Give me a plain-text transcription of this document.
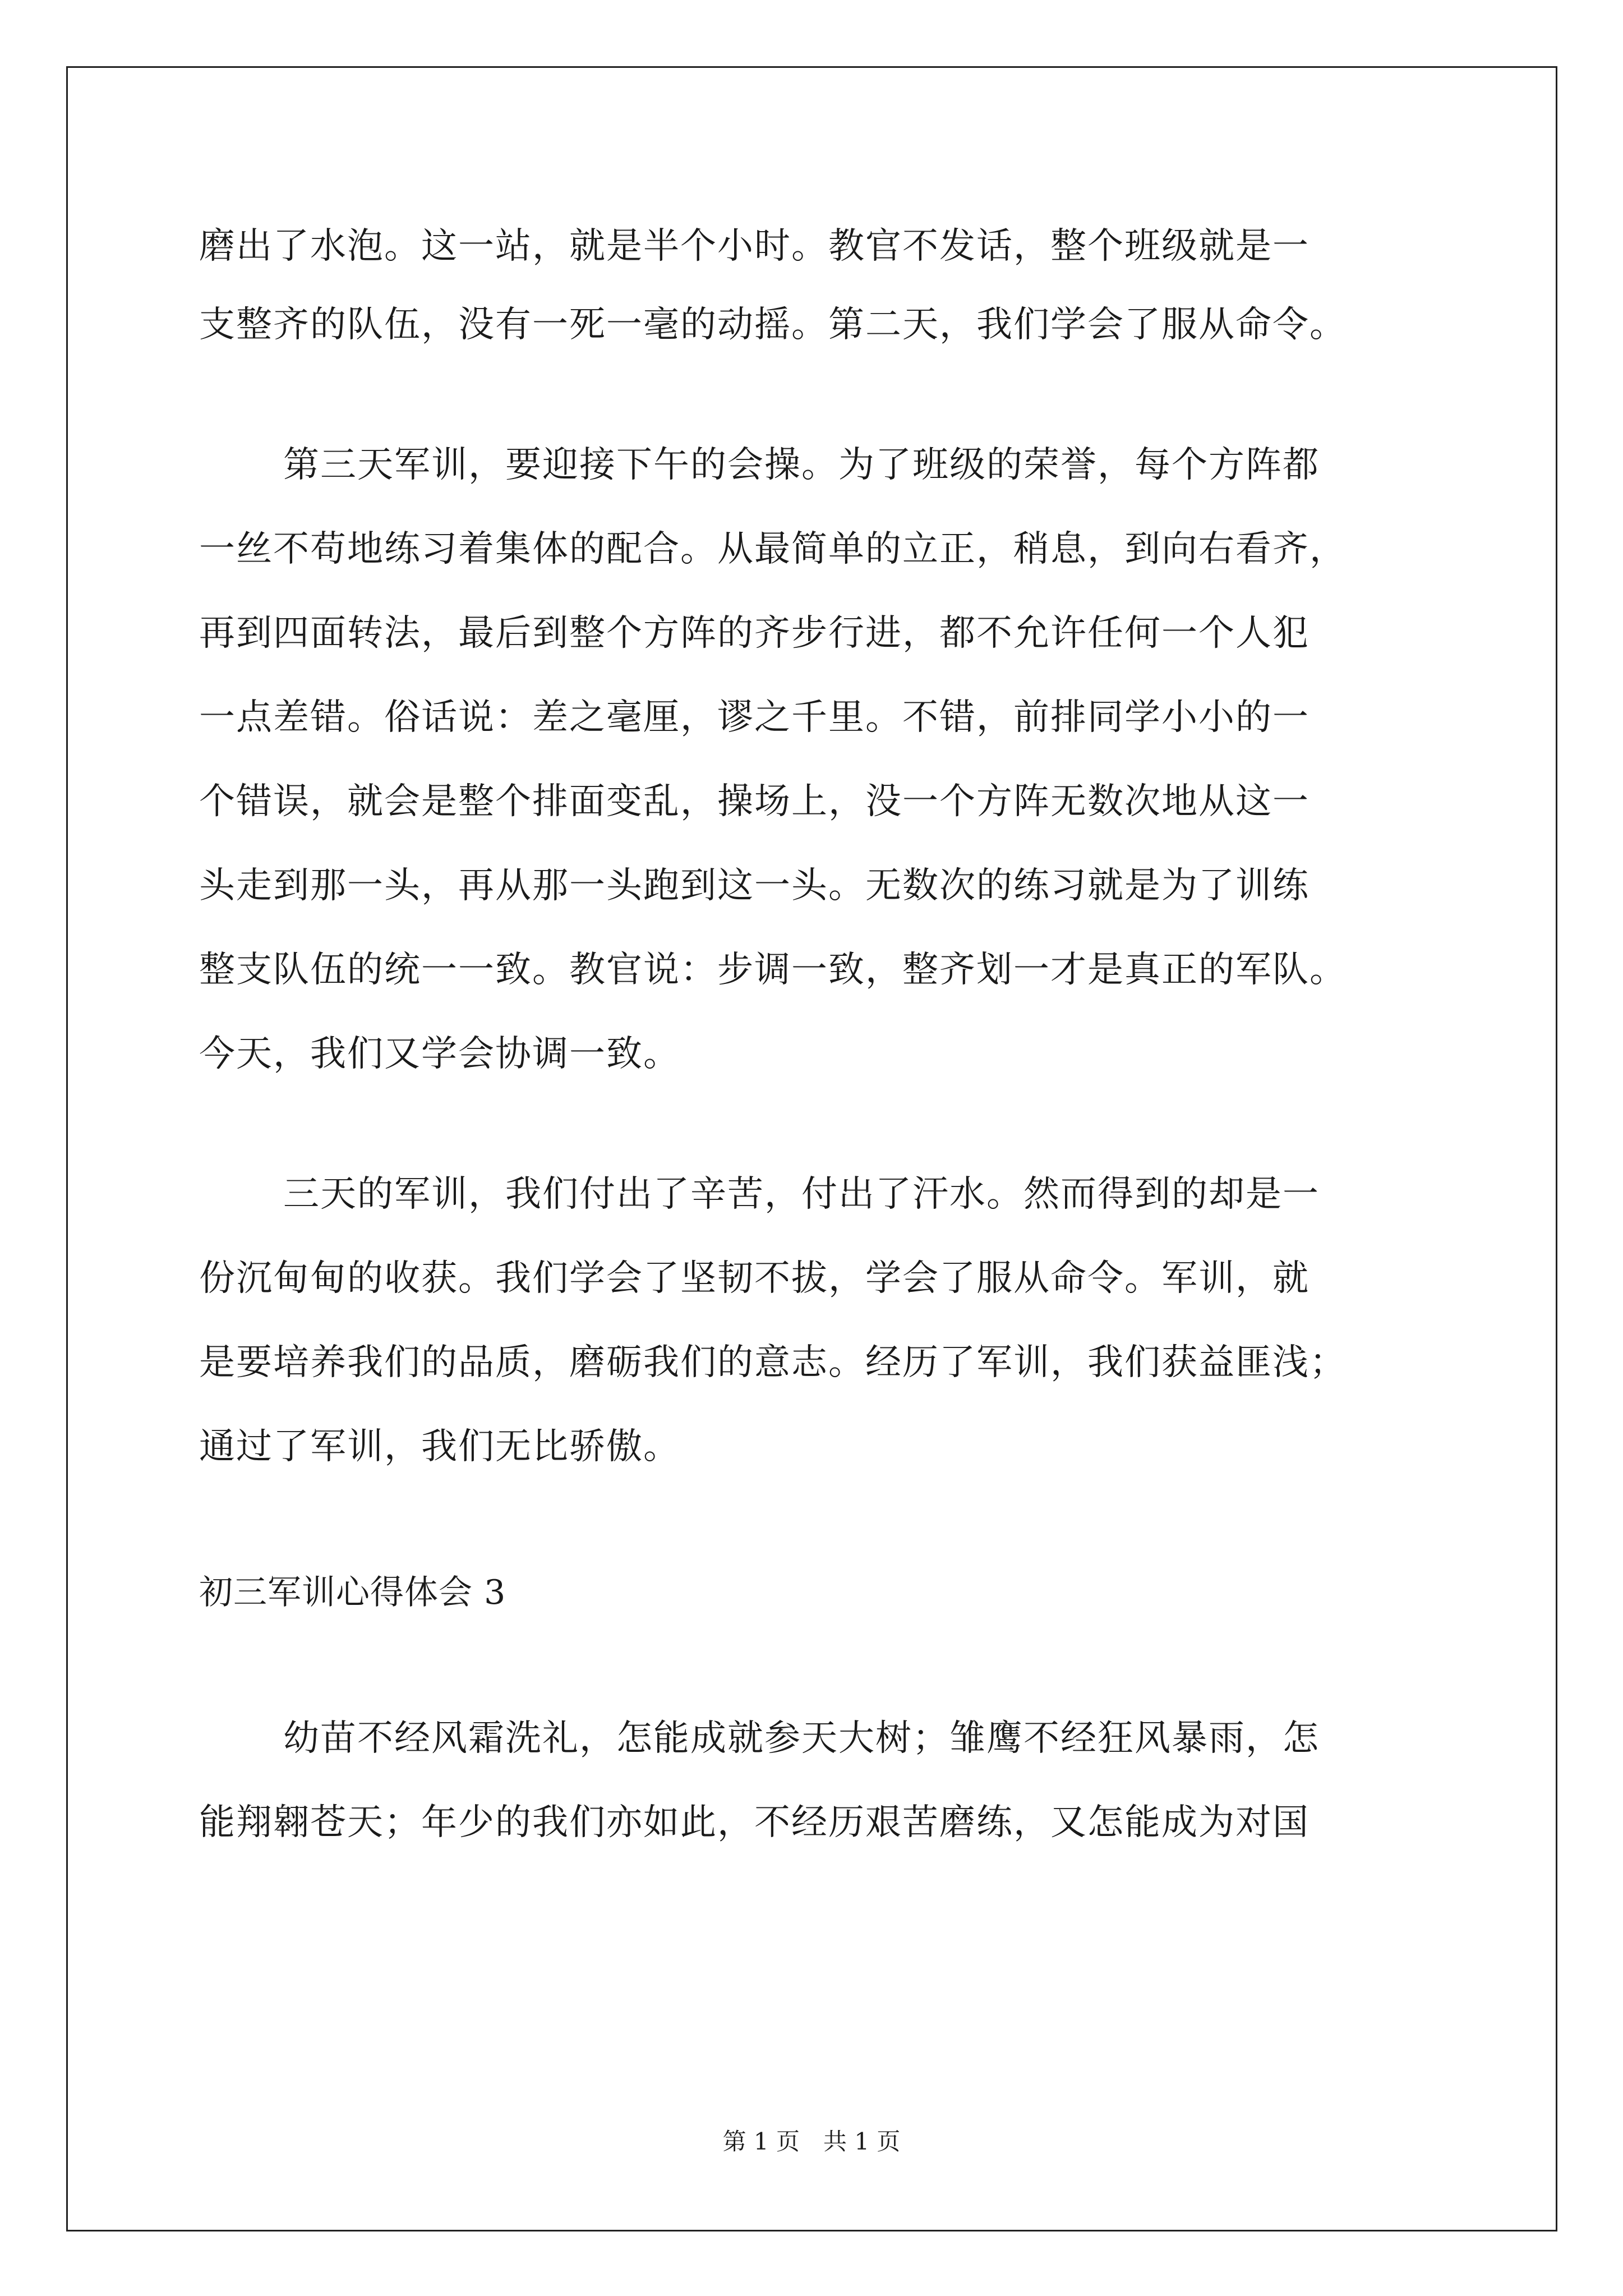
磨出了水泡。这一站，就是半个小时。教官不发话，整个班级就是一
支整齐的队伍，没有一死一毫的动摇。第二天，我们学会了服从命令。
第三天军训，要迎接下午的会操。为了班级的荣誉，每个方阵都
一丝不苟地练习着集体的配合。从最简单的立正，稍息，到向右看齐，
再到四面转法，最后到整个方阵的齐步行进，都不允许任何一个人犯
一点差错。俗话说：差之毫厘，谬之千里。不错，前排同学小小的一
个错误，就会是整个排面变乱，操场上，没一个方阵无数次地从这一
头走到那一头，再从那一头跑到这一头。无数次的练习就是为了训练
整支队伍的统一一致。教官说：步调一致，整齐划一才是真正的军队。
今天，我们又学会协调一致。
三天的军训，我们付出了辛苦，付出了汗水。然而得到的却是一
份沉甸甸的收获。我们学会了坚韧不拔，学会了服从命令。军训，就
是要培养我们的品质，磨砺我们的意志。经历了军训，我们获益匪浅；
通过了军训，我们无比骄傲。
初三军训心得体会 3
幼苗不经风霜洗礼，怎能成就参天大树；雏鹰不经狂风暴雨，怎
能翔翱苍天；年少的我们亦如此，不经历艰苦磨练，又怎能成为对国
第 1 页　共 1 页
